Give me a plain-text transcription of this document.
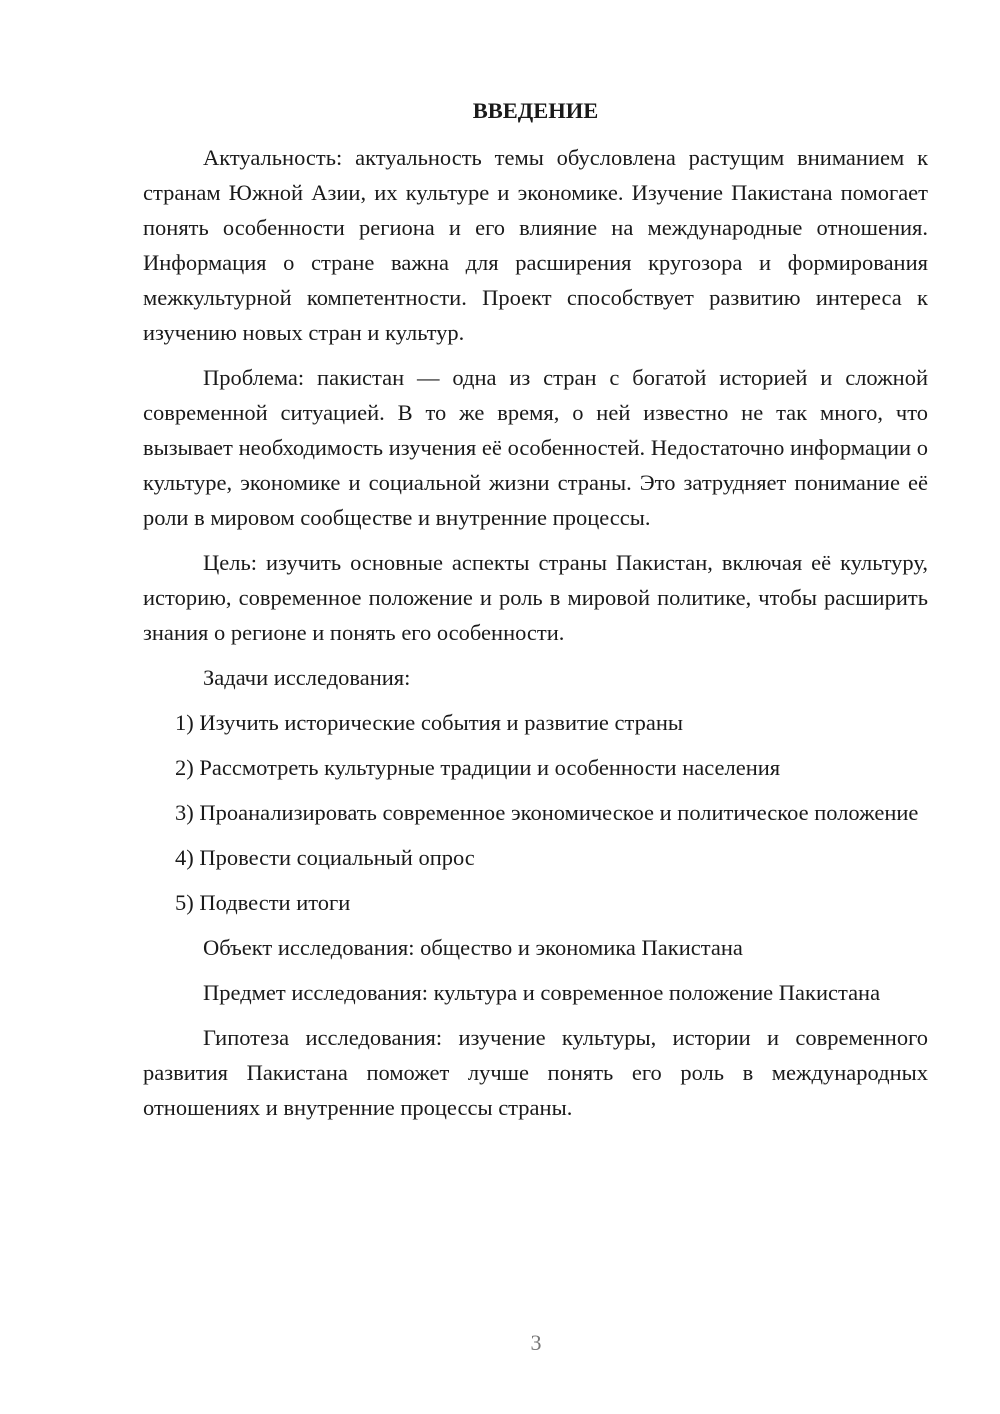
ВВЕДЕНИЕ

Актуальность: актуальность темы обусловлена растущим вниманием к странам Южной Азии, их культуре и экономике. Изучение Пакистана помогает понять особенности региона и его влияние на международные отношения. Информация о стране важна для расширения кругозора и формирования межкультурной компетентности. Проект способствует развитию интереса к изучению новых стран и культур.

Проблема: пакистан — одна из стран с богатой историей и сложной современной ситуацией. В то же время, о ней известно не так много, что вызывает необходимость изучения её особенностей. Недостаточно информации о культуре, экономике и социальной жизни страны. Это затрудняет понимание её роли в мировом сообществе и внутренние процессы.

Цель: изучить основные аспекты страны Пакистан, включая её культуру, историю, современное положение и роль в мировой политике, чтобы расширить знания о регионе и понять его особенности.

Задачи исследования:

1) Изучить исторические события и развитие страны

2) Рассмотреть культурные традиции и особенности населения

3) Проанализировать современное экономическое и политическое положение

4) Провести социальный опрос

5) Подвести итоги

Объект исследования: общество и экономика Пакистана

Предмет исследования: культура и современное положение Пакистана

Гипотеза исследования: изучение культуры, истории и современного развития Пакистана поможет лучше понять его роль в международных отношениях и внутренние процессы страны.

3
